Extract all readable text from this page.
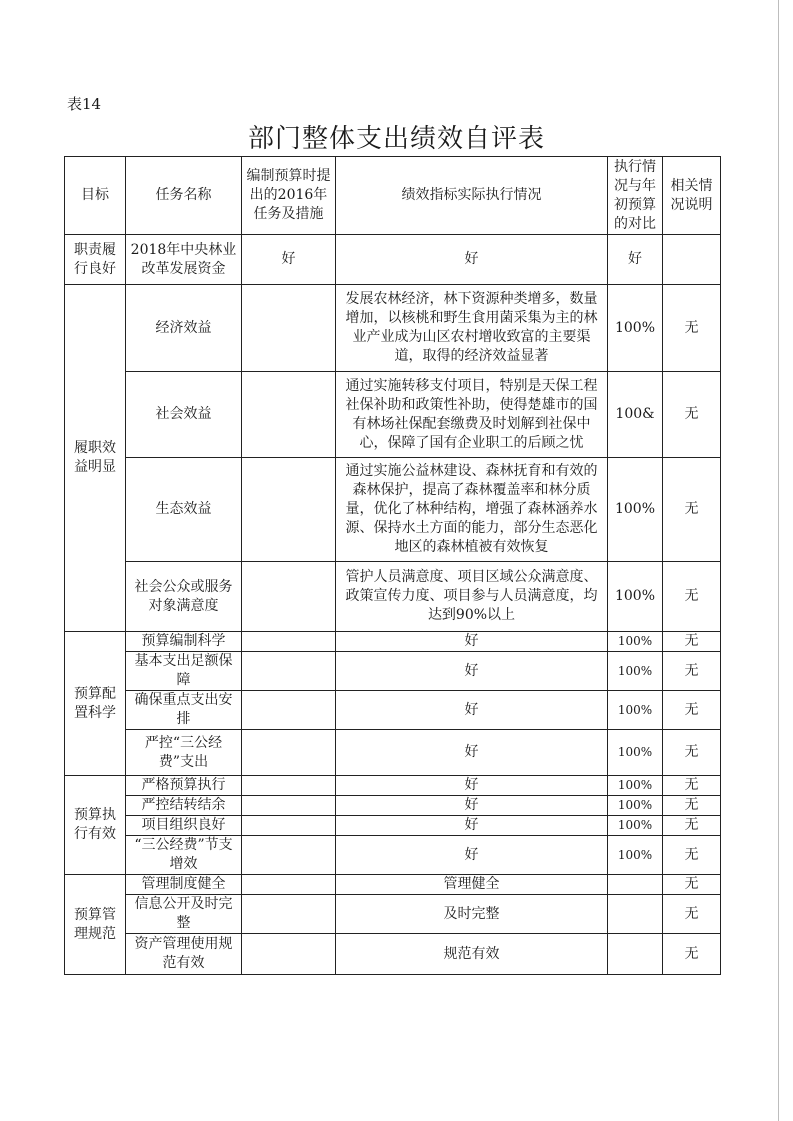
表14
部门整体支出绩效自评表
目标	任务名称	编制预算时提出的2016年任务及措施	绩效指标实际执行情况	执行情况与年初预算的对比	相关情况说明
职责履行良好	2018年中央林业改革发展资金	好	好	好	
履职效益明显	经济效益		发展农林经济，林下资源种类增多，数量增加，以核桃和野生食用菌采集为主的林业产业成为山区农村增收致富的主要渠道，取得的经济效益显著	100%	无
	社会效益		通过实施转移支付项目，特别是天保工程社保补助和政策性补助，使得楚雄市的国有林场社保配套缴费及时划解到社保中心，保障了国有企业职工的后顾之忧	100&	无
	生态效益		通过实施公益林建设、森林抚育和有效的森林保护，提高了森林覆盖率和林分质量，优化了林种结构，增强了森林涵养水源、保持水土方面的能力，部分生态恶化地区的森林植被有效恢复	100%	无
	社会公众或服务对象满意度		管护人员满意度、项目区域公众满意度、政策宣传力度、项目参与人员满意度，均达到90%以上	100%	无
预算配置科学	预算编制科学		好	100%	无
	基本支出足额保障		好	100%	无
	确保重点支出安排		好	100%	无
	严控“三公经费”支出		好	100%	无
预算执行有效	严格预算执行		好	100%	无
	严控结转结余		好	100%	无
	项目组织良好		好	100%	无
	“三公经费”节支增效		好	100%	无
预算管理规范	管理制度健全		管理健全		无
	信息公开及时完整		及时完整		无
	资产管理使用规范有效		规范有效		无
